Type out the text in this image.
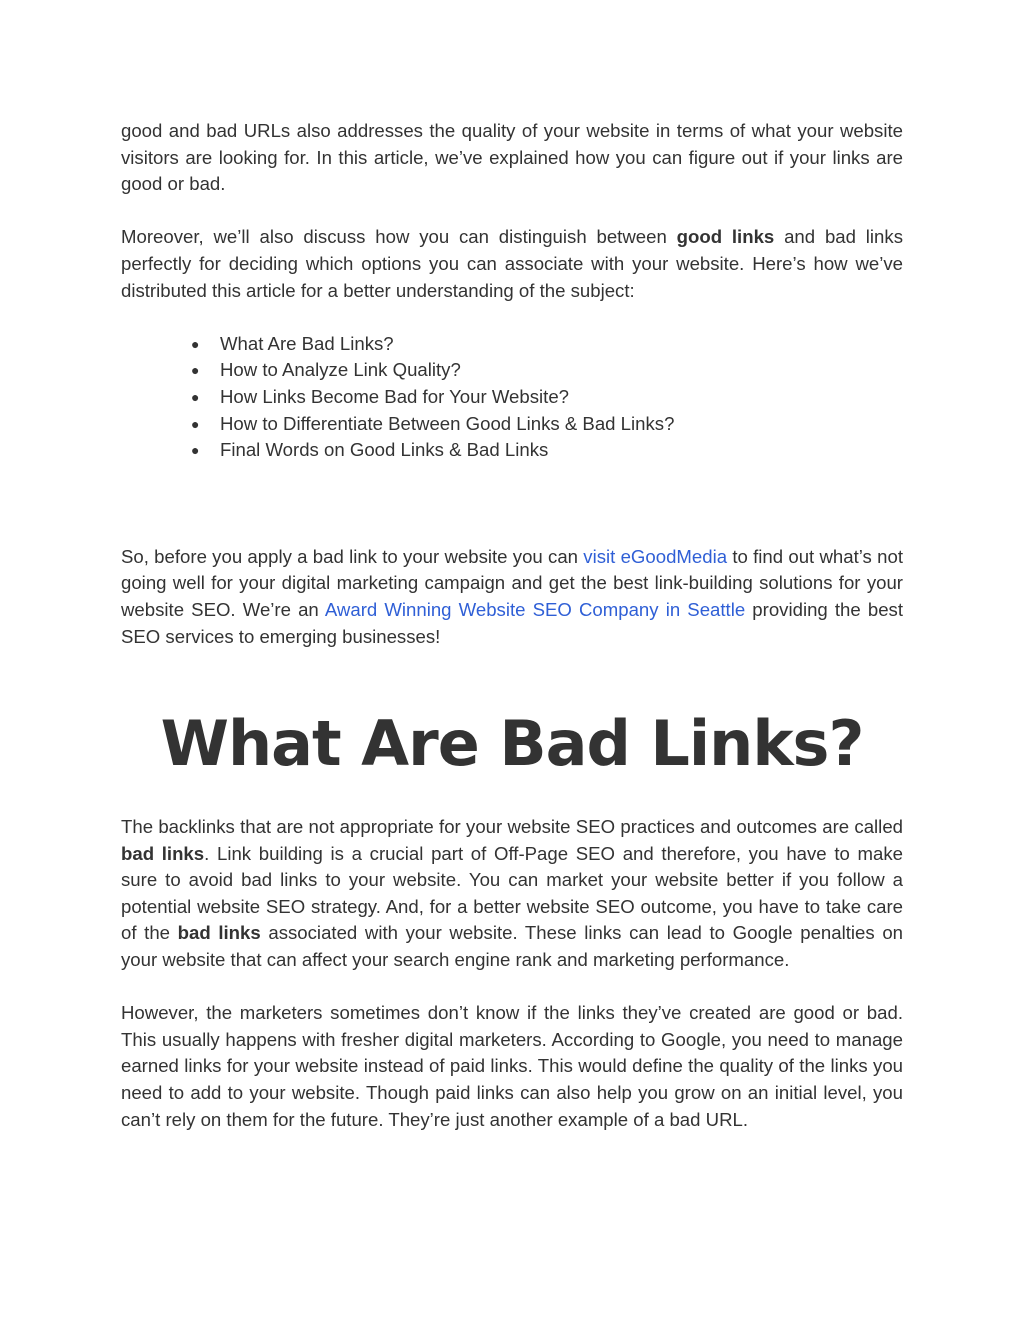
good and bad URLs also addresses the quality of your website in terms of what your website visitors are looking for. In this article, we’ve explained how you can figure out if your links are good or bad.

Moreover, we’ll also discuss how you can distinguish between good links and bad links perfectly for deciding which options you can associate with your website. Here’s how we’ve distributed this article for a better understanding of the subject:

● What Are Bad Links?
● How to Analyze Link Quality?
● How Links Become Bad for Your Website?
● How to Differentiate Between Good Links & Bad Links?
● Final Words on Good Links & Bad Links

So, before you apply a bad link to your website you can visit eGoodMedia to find out what’s not going well for your digital marketing campaign and get the best link-building solutions for your website SEO. We’re an Award Winning Website SEO Company in Seattle providing the best SEO services to emerging businesses!

What Are Bad Links?

The backlinks that are not appropriate for your website SEO practices and outcomes are called bad links. Link building is a crucial part of Off-Page SEO and therefore, you have to make sure to avoid bad links to your website. You can market your website better if you follow a potential website SEO strategy. And, for a better website SEO outcome, you have to take care of the bad links associated with your website. These links can lead to Google penalties on your website that can affect your search engine rank and marketing performance.

However, the marketers sometimes don’t know if the links they’ve created are good or bad. This usually happens with fresher digital marketers. According to Google, you need to manage earned links for your website instead of paid links. This would define the quality of the links you need to add to your website. Though paid links can also help you grow on an initial level, you can’t rely on them for the future. They’re just another example of a bad URL.
